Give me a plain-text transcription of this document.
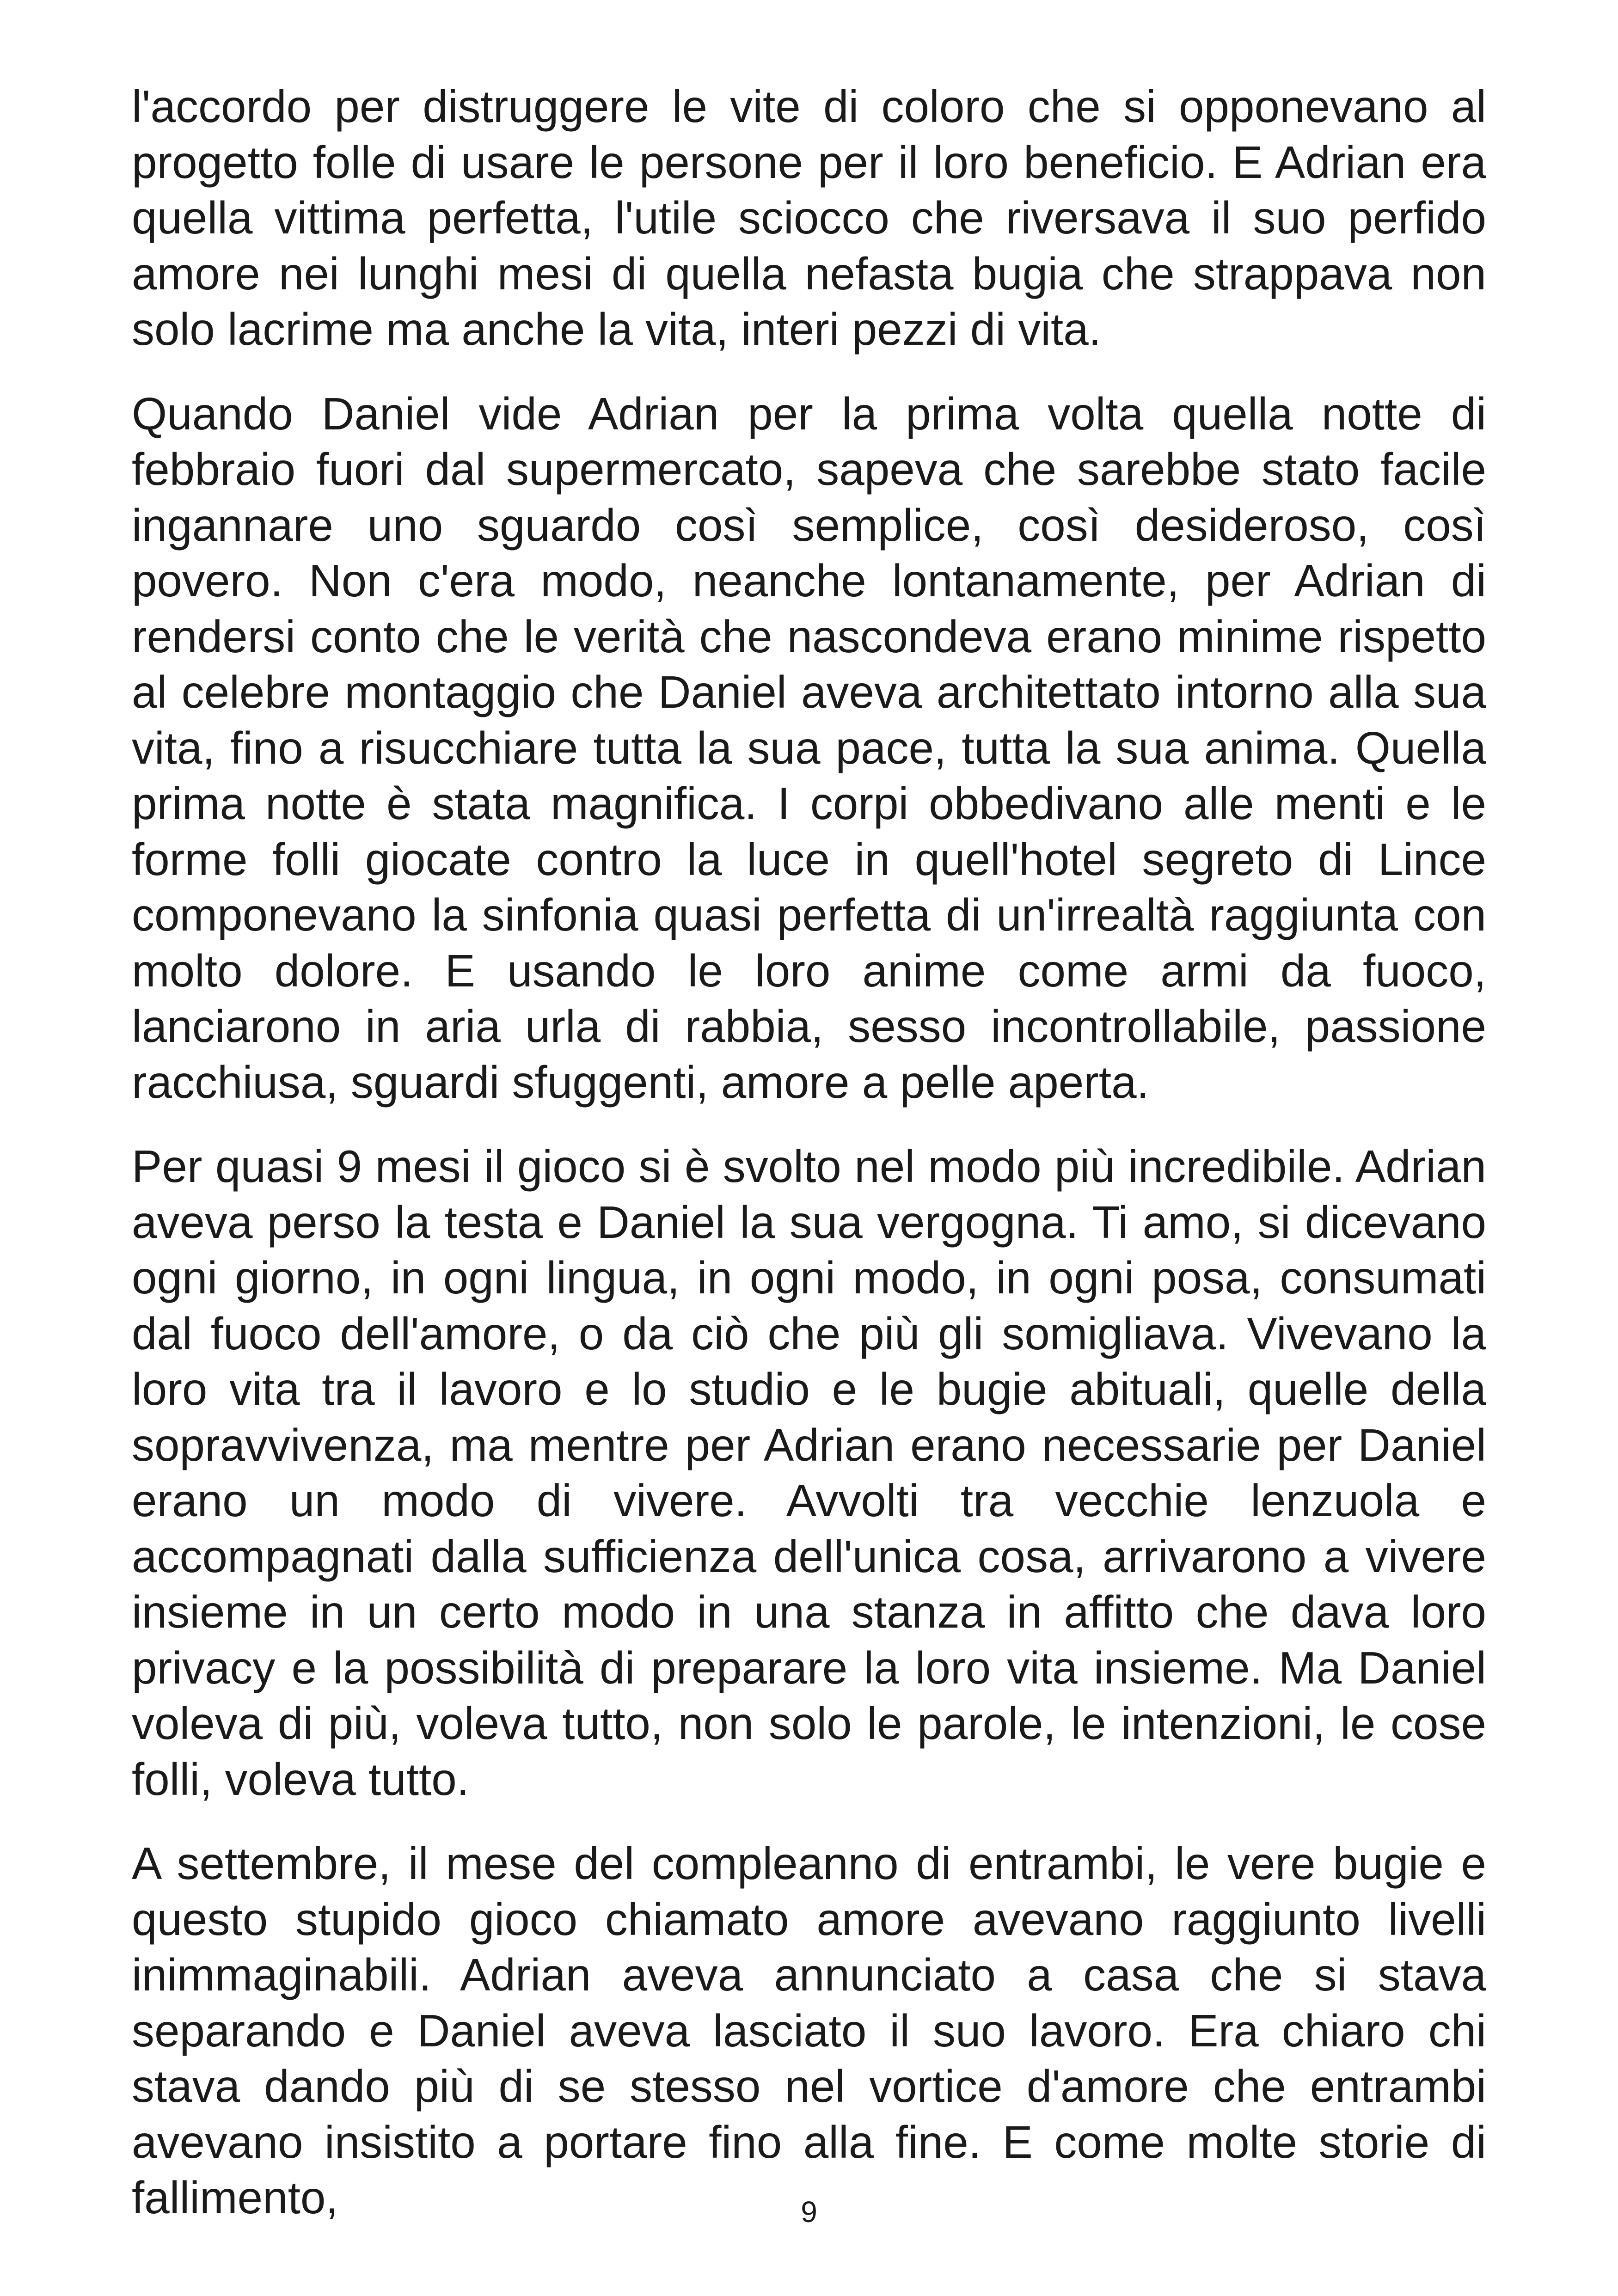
l'accordo per distruggere le vite di coloro che si opponevano al progetto folle di usare le persone per il loro beneficio. E Adrian era quella vittima perfetta, l'utile sciocco che riversava il suo perfido amore nei lunghi mesi di quella nefasta bugia che strappava non solo lacrime ma anche la vita, interi pezzi di vita.

Quando Daniel vide Adrian per la prima volta quella notte di febbraio fuori dal supermercato, sapeva che sarebbe stato facile ingannare uno sguardo così semplice, così desideroso, così povero. Non c'era modo, neanche lontanamente, per Adrian di rendersi conto che le verità che nascondeva erano minime rispetto al celebre montaggio che Daniel aveva architettato intorno alla sua vita, fino a risucchiare tutta la sua pace, tutta la sua anima. Quella prima notte è stata magnifica. I corpi obbedivano alle menti e le forme folli giocate contro la luce in quell'hotel segreto di Lince componevano la sinfonia quasi perfetta di un'irrealtà raggiunta con molto dolore. E usando le loro anime come armi da fuoco, lanciarono in aria urla di rabbia, sesso incontrollabile, passione racchiusa, sguardi sfuggenti, amore a pelle aperta.

Per quasi 9 mesi il gioco si è svolto nel modo più incredibile. Adrian aveva perso la testa e Daniel la sua vergogna. Ti amo, si dicevano ogni giorno, in ogni lingua, in ogni modo, in ogni posa, consumati dal fuoco dell'amore, o da ciò che più gli somigliava. Vivevano la loro vita tra il lavoro e lo studio e le bugie abituali, quelle della sopravvivenza, ma mentre per Adrian erano necessarie per Daniel erano un modo di vivere. Avvolti tra vecchie lenzuola e accompagnati dalla sufficienza dell'unica cosa, arrivarono a vivere insieme in un certo modo in una stanza in affitto che dava loro privacy e la possibilità di preparare la loro vita insieme. Ma Daniel voleva di più, voleva tutto, non solo le parole, le intenzioni, le cose folli, voleva tutto.

A settembre, il mese del compleanno di entrambi, le vere bugie e questo stupido gioco chiamato amore avevano raggiunto livelli inimmaginabili. Adrian aveva annunciato a casa che si stava separando e Daniel aveva lasciato il suo lavoro. Era chiaro chi stava dando più di se stesso nel vortice d'amore che entrambi avevano insistito a portare fino alla fine. E come molte storie di fallimento,	9
